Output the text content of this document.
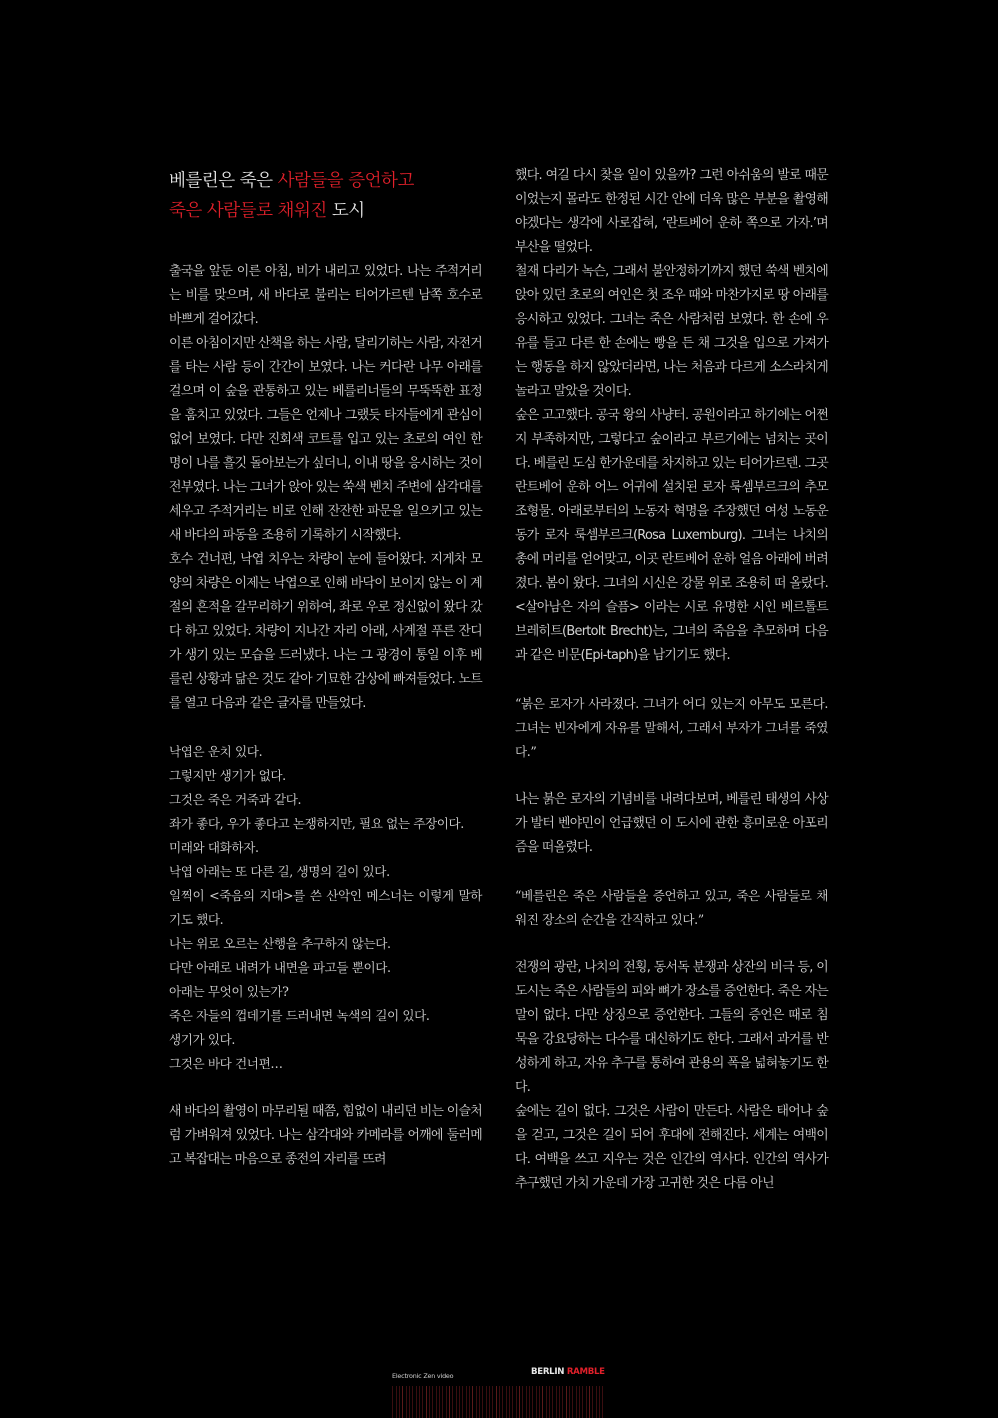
베를린은 죽은 사람들을 증언하고
죽은 사람들로 채워진 도시

출국을 앞둔 이른 아침, 비가 내리고 있었다. 나는 주적거리는 비를 맞으며, 새 바다로 불리는 티어가르텐 남쪽 호수로 바쁘게 걸어갔다.

이른 아침이지만 산책을 하는 사람, 달리기하는 사람, 자전거를 타는 사람 등이 간간이 보였다. 나는 커다란 나무 아래를 걸으며 이 숲을 관통하고 있는 베를리너들의 무뚝뚝한 표정을 훔치고 있었다. 그들은 언제나 그랬듯 타자들에게 관심이 없어 보였다. 다만 진회색 코트를 입고 있는 초로의 여인 한 명이 나를 흘깃 돌아보는가 싶더니, 이내 땅을 응시하는 것이 전부였다. 나는 그녀가 앉아 있는 쑥색 벤치 주변에 삼각대를 세우고 주적거리는 비로 인해 잔잔한 파문을 일으키고 있는 새 바다의 파동을 조용히 기록하기 시작했다.

호수 건너편, 낙엽 치우는 차량이 눈에 들어왔다. 지게차 모양의 차량은 이제는 낙엽으로 인해 바닥이 보이지 않는 이 계절의 흔적을 갈무리하기 위하여, 좌로 우로 정신없이 왔다 갔다 하고 있었다. 차량이 지나간 자리 아래, 사계절 푸른 잔디가 생기 있는 모습을 드러냈다. 나는 그 광경이 통일 이후 베를린 상황과 닮은 것도 같아 기묘한 감상에 빠져들었다. 노트를 열고 다음과 같은 글자를 만들었다.

낙엽은 운치 있다.

그렇지만 생기가 없다.

그것은 죽은 거죽과 같다.

좌가 좋다, 우가 좋다고 논쟁하지만, 필요 없는 주장이다.

미래와 대화하자.

낙엽 아래는 또 다른 길, 생명의 길이 있다.

일찍이 <죽음의 지대>를 쓴 산악인 메스너는 이렇게 말하기도 했다.

나는 위로 오르는 산행을 추구하지 않는다.

다만 아래로 내려가 내면을 파고들 뿐이다.

아래는 무엇이 있는가?

죽은 자들의 껍데기를 드러내면 녹색의 길이 있다.

생기가 있다.

그것은 바다 건너편…

새 바다의 촬영이 마무리될 때쯤, 힘없이 내리던 비는 이슬처럼 가벼워져 있었다. 나는 삼각대와 카메라를 어깨에 둘러메고 복잡대는 마음으로 종전의 자리를 뜨려

했다. 여길 다시 찾을 일이 있을까? 그런 아쉬움의 발로 때문이었는지 몰라도 한정된 시간 안에 더욱 많은 부분을 촬영해야겠다는 생각에 사로잡혀, ‘란트베어 운하 쪽으로 가자.’며 부산을 떨었다.

철재 다리가 녹슨, 그래서 불안정하기까지 했던 쑥색 벤치에 앉아 있던 초로의 여인은 첫 조우 때와 마찬가지로 땅 아래를 응시하고 있었다. 그녀는 죽은 사람처럼 보였다. 한 손에 우유를 들고 다른 한 손에는 빵을 든 채 그것을 입으로 가져가는 행동을 하지 않았더라면, 나는 처음과 다르게 소스라치게 놀라고 말았을 것이다.

숲은 고고했다. 공국 왕의 사냥터. 공원이라고 하기에는 어쩐지 부족하지만, 그렇다고 숲이라고 부르기에는 넘치는 곳이다. 베를린 도심 한가운데를 차지하고 있는 티어가르텐. 그곳 란트베어 운하 어느 어귀에 설치된 로자 룩셈부르크의 추모 조형물. 아래로부터의 노동자 혁명을 주장했던 여성 노동운동가 로자 룩셈부르크(Rosa Luxemburg). 그녀는 나치의 총에 머리를 얻어맞고, 이곳 란트베어 운하 얼음 아래에 버려졌다. 봄이 왔다. 그녀의 시신은 강물 위로 조용히 떠 올랐다. <살아남은 자의 슬픔> 이라는 시로 유명한 시인 베르톨트 브레히트(Bertolt Brecht)는, 그녀의 죽음을 추모하며 다음과 같은 비문(Epi-taph)을 남기기도 했다.

“붉은 로자가 사라졌다. 그녀가 어디 있는지 아무도 모른다. 그녀는 빈자에게 자유를 말해서, 그래서 부자가 그녀를 죽였다.”

나는 붉은 로자의 기념비를 내려다보며, 베를린 태생의 사상가 발터 벤야민이 언급했던 이 도시에 관한 흥미로운 아포리즘을 떠올렸다.

“베를린은 죽은 사람들을 증언하고 있고, 죽은 사람들로 채워진 장소의 순간을 간직하고 있다.”

전쟁의 광란, 나치의 전횡, 동서독 분쟁과 상잔의 비극 등, 이 도시는 죽은 사람들의 피와 뼈가 장소를 증언한다. 죽은 자는 말이 없다. 다만 상징으로 증언한다. 그들의 증언은 때로 침묵을 강요당하는 다수를 대신하기도 한다. 그래서 과거를 반성하게 하고, 자유 추구를 통하여 관용의 폭을 넓혀놓기도 한다.

숲에는 길이 없다. 그것은 사람이 만든다. 사람은 태어나 숲을 걷고, 그것은 길이 되어 후대에 전해진다. 세계는 여백이다. 여백을 쓰고 지우는 것은 인간의 역사다. 인간의 역사가 추구했던 가치 가운데 가장 고귀한 것은 다름 아닌

Electronic Zen video	BERLIN RAMBLE
